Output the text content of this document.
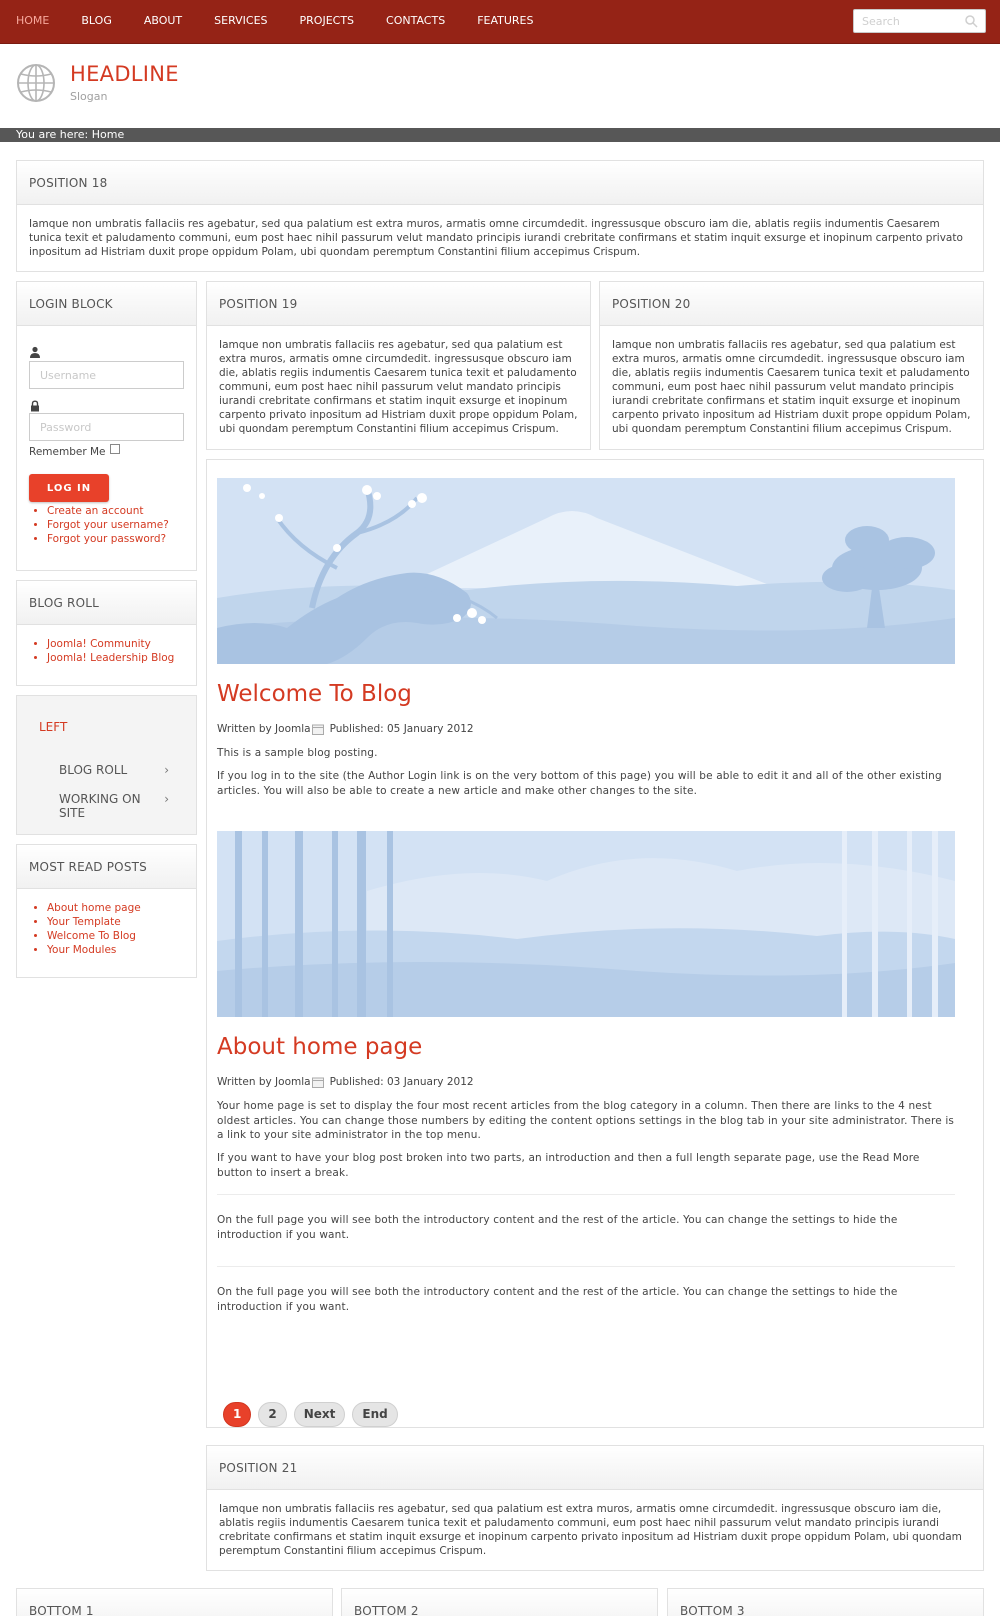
HOME	BLOG	ABOUT	SERVICES	PROJECTS	CONTACTS	FEATURES
Search
HEADLINE
Slogan
You are here: Home
POSITION 18
Iamque non umbratis fallaciis res agebatur, sed qua palatium est extra muros, armatis omne circumdedit. ingressusque obscuro iam die, ablatis regiis indumentis Caesarem tunica texit et paludamento communi, eum post haec nihil passurum velut mandato principis iurandi crebritate confirmans et statim inquit exsurge et inopinum carpento privato inpositum ad Histriam duxit prope oppidum Polam, ubi quondam peremptum Constantini filium accepimus Crispum.
LOGIN BLOCK
Username
Remember Me
LOG IN
• Create an account
• Forgot your username?
• Forgot your password?
BLOG ROLL
• Joomla! Community
• Joomla! Leadership Blog
LEFT
BLOG ROLL	›
WORKING ON SITE
›
MOST READ POSTS
• About home page
• Your Template
• Welcome To Blog
• Your Modules
POSITION 19
Iamque non umbratis fallaciis res agebatur, sed qua palatium est extra muros, armatis omne circumdedit. ingressusque obscuro iam die, ablatis regiis indumentis Caesarem tunica texit et paludamento communi, eum post haec nihil passurum velut mandato principis iurandi crebritate confirmans et statim inquit exsurge et inopinum carpento privato inpositum ad Histriam duxit prope oppidum Polam, ubi quondam peremptum Constantini filium accepimus Crispum.
POSITION 20
Iamque non umbratis fallaciis res agebatur, sed qua palatium est extra muros, armatis omne circumdedit. ingressusque obscuro iam die, ablatis regiis indumentis Caesarem tunica texit et paludamento communi, eum post haec nihil passurum velut mandato principis iurandi crebritate confirmans et statim inquit exsurge et inopinum carpento privato inpositum ad Histriam duxit prope oppidum Polam, ubi quondam peremptum Constantini filium accepimus Crispum.
Welcome To Blog
Written by Joomla Published: 05 January 2012
This is a sample blog posting.
If you log in to the site (the Author Login link is on the very bottom of this page) you will be able to edit it and all of the other existing articles. You will also be able to create a new article and make other changes to the site.
About home page
Written by Joomla Published: 03 January 2012
Your home page is set to display the four most recent articles from the blog category in a column. Then there are links to the 4 nest oldest articles. You can change those numbers by editing the content options settings in the blog tab in your site administrator. There is a link to your site administrator in the top menu.
If you want to have your blog post broken into two parts, an introduction and then a full length separate page, use the Read More button to insert a break.
On the full page you will see both the introductory content and the rest of the article. You can change the settings to hide the introduction if you want.
On the full page you will see both the introductory content and the rest of the article. You can change the settings to hide the introduction if you want.
1	2	Next	End
POSITION 21
Iamque non umbratis fallaciis res agebatur, sed qua palatium est extra muros, armatis omne circumdedit. ingressusque obscuro iam die, ablatis regiis indumentis Caesarem tunica texit et paludamento communi, eum post haec nihil passurum velut mandato principis iurandi crebritate confirmans et statim inquit exsurge et inopinum carpento privato inpositum ad Histriam duxit prope oppidum Polam, ubi quondam peremptum Constantini filium accepimus Crispum.
BOTTOM 1	BOTTOM 2	BOTTOM 3
